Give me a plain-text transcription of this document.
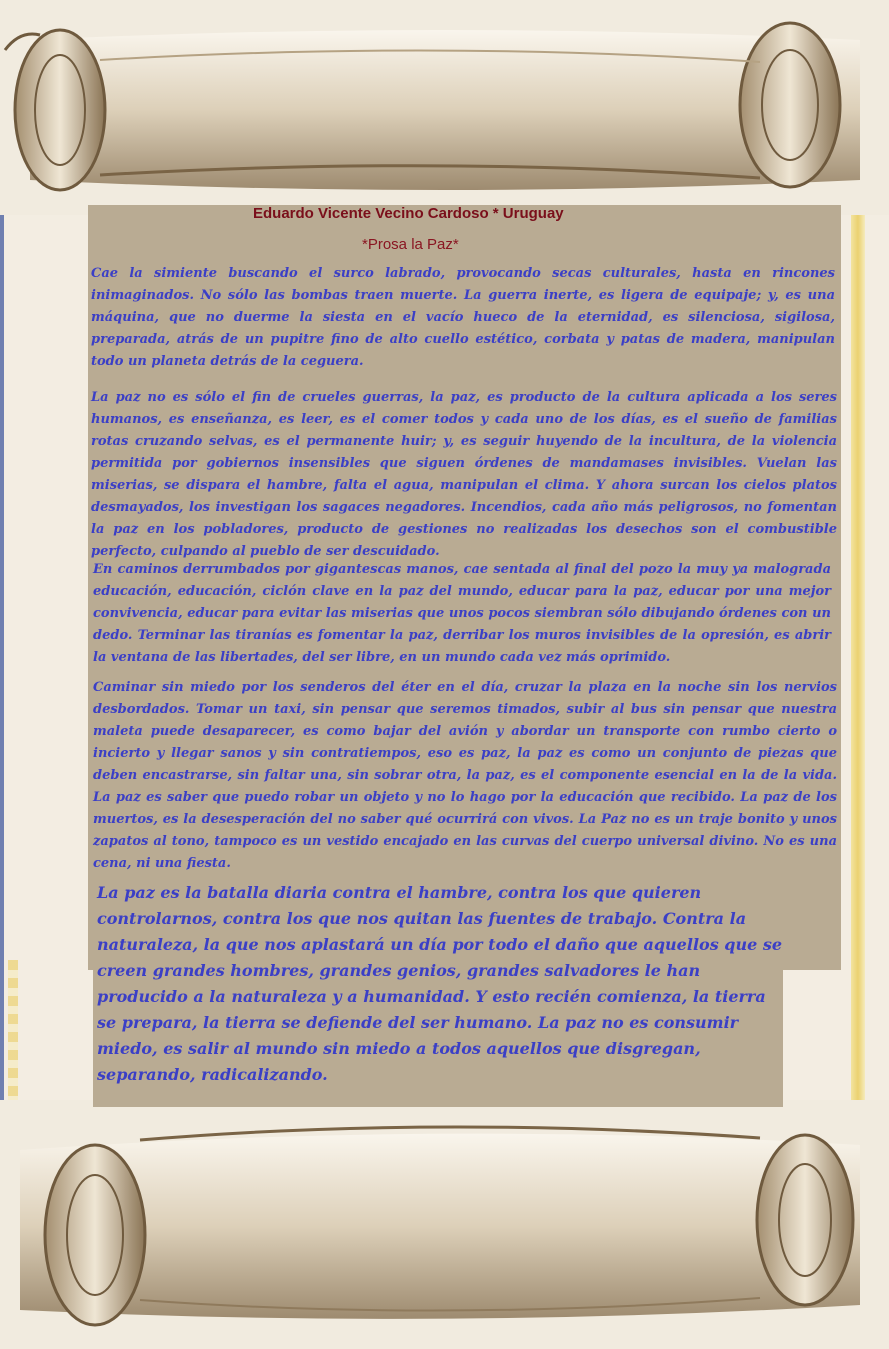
Eduardo Vicente Vecino Cardoso * Uruguay
*Prosa la Paz*

Cae la simiente buscando el surco labrado, provocando secas culturales, hasta en rincones inimaginados. No sólo las bombas traen muerte. La guerra inerte, es ligera de equipaje; y, es una máquina, que no duerme la siesta en el vacío hueco de la eternidad, es silenciosa, sigilosa, preparada, atrás de un pupitre fino de alto cuello estético, corbata y patas de madera, manipulan todo un planeta detrás de la ceguera.

La paz no es sólo el fin de crueles guerras, la paz, es producto de la cultura aplicada a los seres humanos, es enseñanza, es leer, es el comer todos y cada uno de los días, es el sueño de familias rotas cruzando selvas, es el permanente huir; y, es seguir huyendo de la incultura, de la violencia permitida por gobiernos insensibles que siguen órdenes de mandamases invisibles. Vuelan las miserias, se dispara el hambre, falta el agua, manipulan el clima. Y ahora surcan los cielos platos desmayados, los investigan los sagaces negadores. Incendios, cada año más peligrosos, no fomentan la paz en los pobladores, producto de gestiones no realizadas los desechos son el combustible perfecto, culpando al pueblo de ser descuidado.

En caminos derrumbados por gigantescas manos, cae sentada al final del pozo la muy ya malograda educación, educación, ciclón clave en la paz del mundo, educar para la paz, educar por una mejor convivencia, educar para evitar las miserias que unos pocos siembran sólo dibujando órdenes con un dedo. Terminar las tiranías es fomentar la paz, derribar los muros invisibles de la opresión, es abrir la ventana de las libertades, del ser libre, en un mundo cada vez más oprimido.

Caminar sin miedo por los senderos del éter en el día, cruzar la plaza en la noche sin los nervios desbordados. Tomar un taxi, sin pensar que seremos timados, subir al bus sin pensar que nuestra maleta puede desaparecer, es como bajar del avión y abordar un transporte con rumbo cierto o incierto y llegar sanos y sin contratiempos, eso es paz, la paz es como un conjunto de piezas que deben encastrarse, sin faltar una, sin sobrar otra, la paz, es el componente esencial en la de la vida. La paz es saber que puedo robar un objeto y no lo hago por la educación que recibido. La paz de los muertos, es la desesperación del no saber qué ocurrirá con vivos. La Paz no es un traje bonito y unos zapatos al tono, tampoco es un vestido encajado en las curvas del cuerpo universal divino. No es una cena, ni una fiesta.

La paz es la batalla diaria contra el hambre, contra los que quieren controlarnos, contra los que nos quitan las fuentes de trabajo. Contra la naturaleza, la que nos aplastará un día por todo el daño que aquellos que se creen grandes hombres, grandes genios, grandes salvadores le han producido a la naturaleza y a humanidad. Y esto recién comienza, la tierra se prepara, la tierra se defiende del ser humano. La paz no es consumir miedo, es salir al mundo sin miedo a todos aquellos que disgregan, separando, radicalizando.
